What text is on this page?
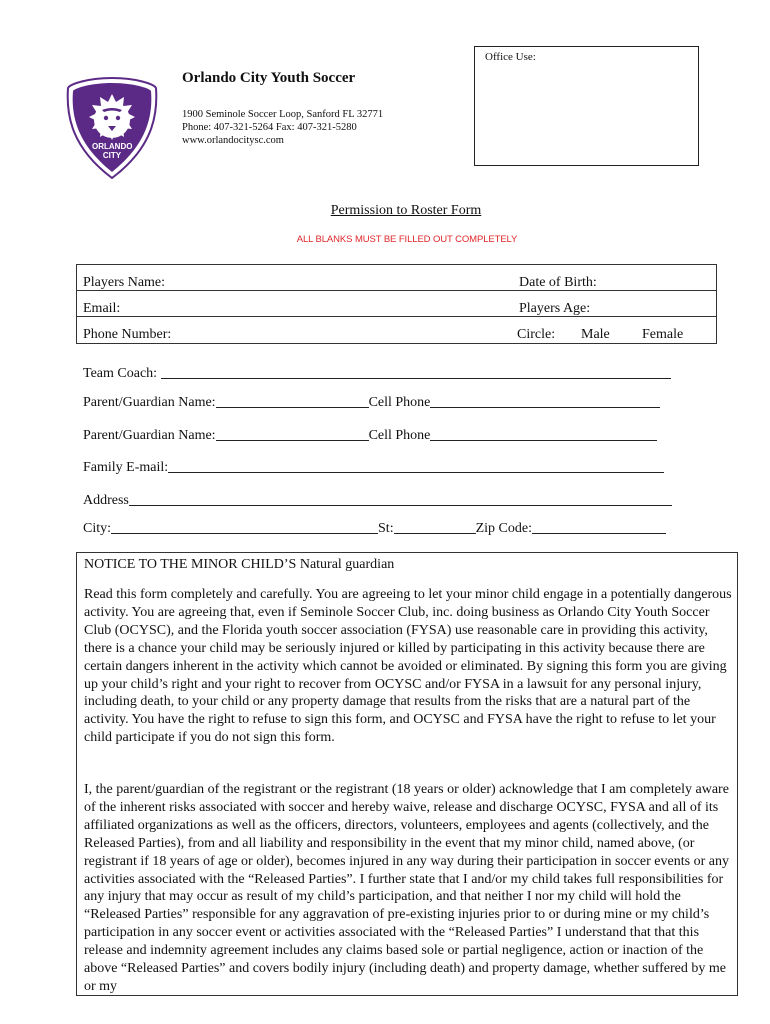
ORLANDO CITY
Orlando City Youth Soccer
1900 Seminole Soccer Loop, Sanford FL 32771
Phone: 407-321-5264 Fax: 407-321-5280
www.orlandocitysc.com
Office Use:
Permission to Roster Form
ALL BLANKS MUST BE FILLED OUT COMPLETELY
Players Name:	Date of Birth:
Email:	Players Age:
Phone Number:	Circle: Male Female
Team Coach:
Parent/Guardian Name:	Cell Phone
Parent/Guardian Name:	Cell Phone
Family E-mail:
Address
City:	St:	Zip Code:
NOTICE TO THE MINOR CHILD’S Natural guardian

Read this form completely and carefully. You are agreeing to let your minor child engage in a potentially dangerous activity. You are agreeing that, even if Seminole Soccer Club, inc. doing business as Orlando City Youth Soccer Club (OCYSC), and the Florida youth soccer association (FYSA) use reasonable care in providing this activity, there is a chance your child may be seriously injured or killed by participating in this activity because there are certain dangers inherent in the activity which cannot be avoided or eliminated. By signing this form you are giving up your child’s right and your right to recover from OCYSC and/or FYSA in a lawsuit for any personal injury, including death, to your child or any property damage that results from the risks that are a natural part of the activity. You have the right to refuse to sign this form, and OCYSC and FYSA have the right to refuse to let your child participate if you do not sign this form.

I, the parent/guardian of the registrant or the registrant (18 years or older) acknowledge that I am completely aware of the inherent risks associated with soccer and hereby waive, release and discharge OCYSC, FYSA and all of its affiliated organizations as well as the officers, directors, volunteers, employees and agents (collectively, and the Released Parties), from and all liability and responsibility in the event that my minor child, named above, (or registrant if 18 years of age or older), becomes injured in any way during their participation in soccer events or any activities associated with the “Released Parties”. I further state that I and/or my child takes full responsibilities for any injury that may occur as result of my child’s participation, and that neither I nor my child will hold the “Released Parties” responsible for any aggravation of pre-existing injuries prior to or during mine or my child’s participation in any soccer event or activities associated with the “Released Parties” I understand that that this release and indemnity agreement includes any claims based sole or partial negligence, action or inaction of the above “Released Parties” and covers bodily injury (including death) and property damage, whether suffered by me or my
